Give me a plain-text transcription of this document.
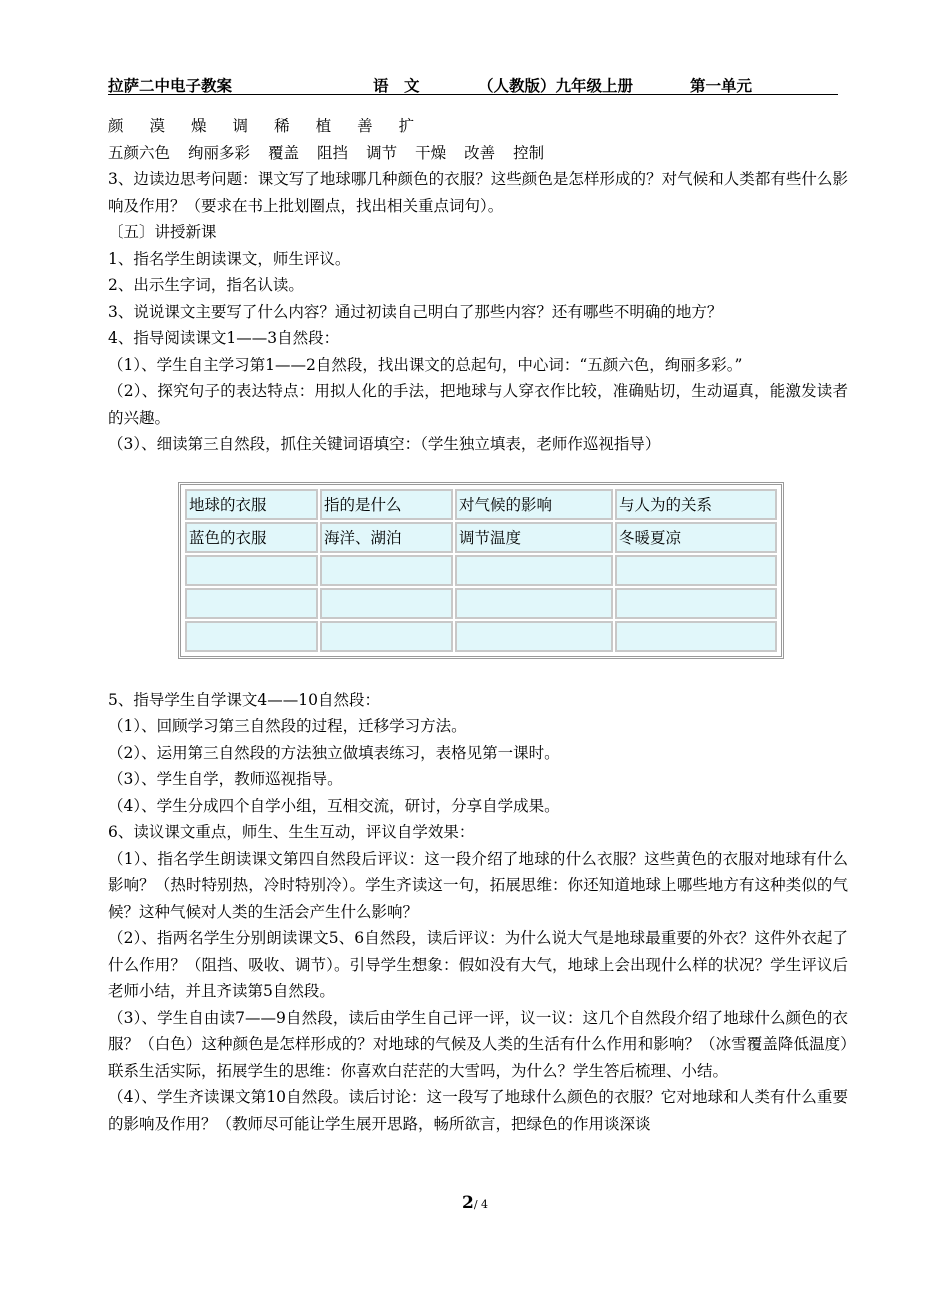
拉萨二中电子教案	语　文	（人教版）九年级上册	第一单元
颜 漠 燥 调 稀 植 善 扩
五颜六色 绚丽多彩 覆盖 阻挡 调节 干燥 改善 控制
3、边读边思考问题：课文写了地球哪几种颜色的衣服？这些颜色是怎样形成的？对气候和人类都有些什么影响及作用？（要求在书上批划圈点，找出相关重点词句）。
〔五〕讲授新课
1、指名学生朗读课文，师生评议。
2、出示生字词，指名认读。
3、说说课文主要写了什么内容？通过初读自己明白了那些内容？还有哪些不明确的地方？
4、指导阅读课文1——3自然段：
（1）、学生自主学习第1——2自然段，找出课文的总起句，中心词：“五颜六色，绚丽多彩。”
（2）、探究句子的表达特点：用拟人化的手法，把地球与人穿衣作比较，准确贴切，生动逼真，能激发读者的兴趣。
（3）、细读第三自然段，抓住关键词语填空：（学生独立填表，老师作巡视指导）
地球的衣服	指的是什么	对气候的影响	与人为的关系
蓝色的衣服	海洋、湖泊	调节温度	冬暖夏凉

5、指导学生自学课文4——10自然段：
（1）、回顾学习第三自然段的过程，迁移学习方法。
（2）、运用第三自然段的方法独立做填表练习，表格见第一课时。
（3）、学生自学，教师巡视指导。
（4）、学生分成四个自学小组，互相交流，研讨，分享自学成果。
6、读议课文重点，师生、生生互动，评议自学效果：
（1）、指名学生朗读课文第四自然段后评议：这一段介绍了地球的什么衣服？这些黄色的衣服对地球有什么影响？（热时特别热，冷时特别冷）。学生齐读这一句，拓展思维：你还知道地球上哪些地方有这种类似的气候？这种气候对人类的生活会产生什么影响？
（2）、指两名学生分别朗读课文5、6自然段，读后评议：为什么说大气是地球最重要的外衣？这件外衣起了什么作用？（阻挡、吸收、调节）。引导学生想象：假如没有大气，地球上会出现什么样的状况？学生评议后老师小结，并且齐读第5自然段。
（3）、学生自由读7——9自然段，读后由学生自己评一评，议一议：这几个自然段介绍了地球什么颜色的衣服？（白色）这种颜色是怎样形成的？对地球的气候及人类的生活有什么作用和影响？（冰雪覆盖降低温度）联系生活实际，拓展学生的思维：你喜欢白茫茫的大雪吗，为什么？学生答后梳理、小结。
（4）、学生齐读课文第10自然段。读后讨论：这一段写了地球什么颜色的衣服？它对地球和人类有什么重要的影响及作用？（教师尽可能让学生展开思路，畅所欲言，把绿色的作用谈深谈
2/ 4
